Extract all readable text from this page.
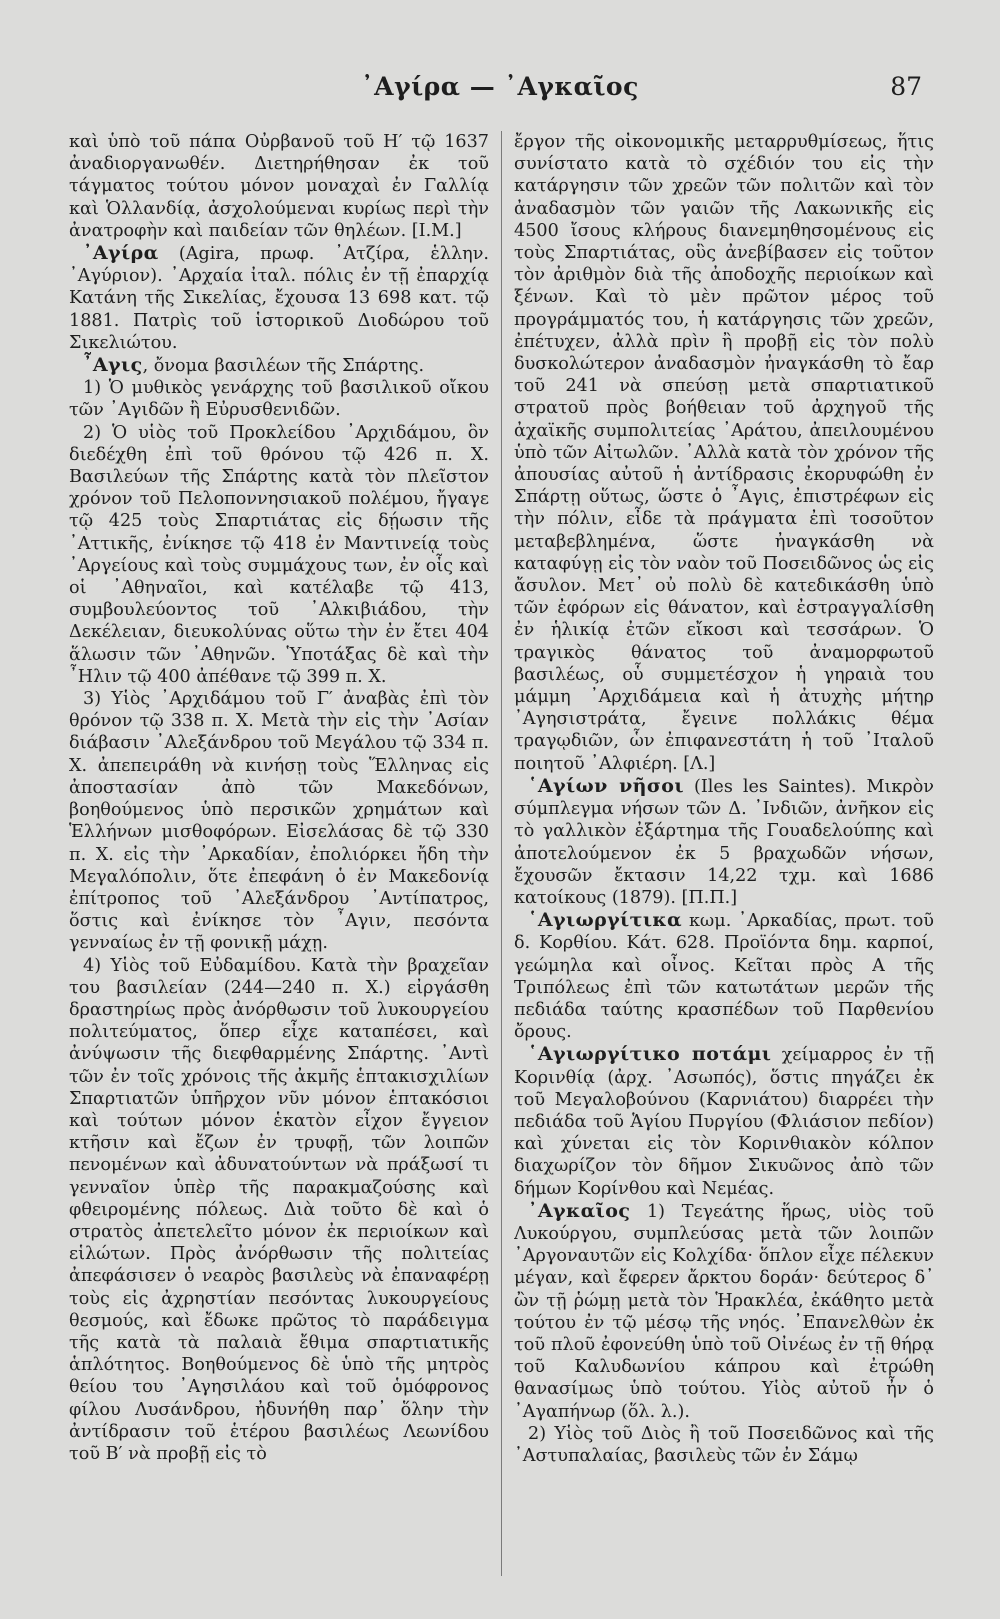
᾿Αγίρα — ᾿Αγκαῖος	87

καὶ ὑπὸ τοῦ πάπα Οὐρβανοῦ τοῦ Η′ τῷ 1637 ἀναδιοργανωθέν. Διετηρήθησαν ἐκ τοῦ τάγματος τούτου μόνον μοναχαὶ ἐν Γαλλίᾳ καὶ Ὁλλανδίᾳ, ἀσχολούμεναι κυρίως περὶ τὴν ἀνατροφὴν καὶ παιδείαν τῶν θηλέων. [Ι.Μ.]

᾿Αγίρα (Agira, πρωφ. ᾿Ατζίρα, ἑλλην. ᾿Αγύριον). ᾿Αρχαία ἰταλ. πόλις ἐν τῇ ἐπαρχίᾳ Κατάνη τῆς Σικελίας, ἔχουσα 13 698 κατ. τῷ 1881. Πατρὶς τοῦ ἱστορικοῦ Διοδώρου τοῦ Σικελιώτου.

῏Αγις, ὄνομα βασιλέων τῆς Σπάρτης.

1) Ὁ μυθικὸς γενάρχης τοῦ βασιλικοῦ οἴκου τῶν ᾿Αγιδῶν ἢ Εὐρυσθενιδῶν.

2) Ὁ υἱὸς τοῦ Προκλείδου ᾿Αρχιδάμου, ὃν διεδέχθη ἐπὶ τοῦ θρόνου τῷ 426 π. Χ. Βασιλεύων τῆς Σπάρτης κατὰ τὸν πλεῖστον χρόνον τοῦ Πελοποννησιακοῦ πολέμου, ἤγαγε τῷ 425 τοὺς Σπαρτιάτας εἰς δῄωσιν τῆς ᾿Αττικῆς, ἐνίκησε τῷ 418 ἐν Μαντινείᾳ τοὺς ᾿Αργείους καὶ τοὺς συμμάχους των, ἐν οἷς καὶ οἱ ᾿Αθηναῖοι, καὶ κατέλαβε τῷ 413, συμβουλεύοντος τοῦ ᾿Αλκιβιάδου, τὴν Δεκέλειαν, διευκολύνας οὕτω τὴν ἐν ἔτει 404 ἅλωσιν τῶν ᾿Αθηνῶν. Ὑποτάξας δὲ καὶ τὴν ῏Ηλιν τῷ 400 ἀπέθανε τῷ 399 π. Χ.

3) Υἱὸς ᾿Αρχιδάμου τοῦ Γ′ ἀναβὰς ἐπὶ τὸν θρόνον τῷ 338 π. Χ. Μετὰ τὴν εἰς τὴν ᾿Ασίαν διάβασιν ᾿Αλεξάνδρου τοῦ Μεγάλου τῷ 334 π. Χ. ἀπεπειράθη νὰ κινήσῃ τοὺς Ἕλληνας εἰς ἀποστασίαν ἀπὸ τῶν Μακεδόνων, βοηθούμενος ὑπὸ περσικῶν χρημάτων καὶ Ἑλλήνων μισθοφόρων. Εἰσελάσας δὲ τῷ 330 π. Χ. εἰς τὴν ᾿Αρκαδίαν, ἐπολιόρκει ἤδη τὴν Μεγαλόπολιν, ὅτε ἐπεφάνη ὁ ἐν Μακεδονίᾳ ἐπίτροπος τοῦ ᾿Αλεξάνδρου ᾿Αντίπατρος, ὅστις καὶ ἐνίκησε τὸν ῏Αγιν, πεσόντα γενναίως ἐν τῇ φονικῇ μάχῃ.

4) Υἱὸς τοῦ Εὐδαμίδου. Κατὰ τὴν βραχεῖαν του βασιλείαν (244—240 π. Χ.) εἰργάσθη δραστηρίως πρὸς ἀνόρθωσιν τοῦ λυκουργείου πολιτεύματος, ὅπερ εἶχε καταπέσει, καὶ ἀνύψωσιν τῆς διεφθαρμένης Σπάρτης. ᾿Αντὶ τῶν ἐν τοῖς χρόνοις τῆς ἀκμῆς ἑπτακισχιλίων Σπαρτιατῶν ὑπῆρχον νῦν μόνον ἑπτακόσιοι καὶ τούτων μόνον ἑκατὸν εἶχον ἔγγειον κτῆσιν καὶ ἔζων ἐν τρυφῇ, τῶν λοιπῶν πενομένων καὶ ἀδυνατούντων νὰ πράξωσί τι γενναῖον ὑπὲρ τῆς παρακμαζούσης καὶ φθειρομένης πόλεως. Διὰ τοῦτο δὲ καὶ ὁ στρατὸς ἀπετελεῖτο μόνον ἐκ περιοίκων καὶ εἱλώτων. Πρὸς ἀνόρθωσιν τῆς πολιτείας ἀπεφάσισεν ὁ νεαρὸς βασιλεὺς νὰ ἐπαναφέρῃ τοὺς εἰς ἀχρηστίαν πεσόντας λυκουργείους θεσμούς, καὶ ἔδωκε πρῶτος τὸ παράδειγμα τῆς κατὰ τὰ παλαιὰ ἔθιμα σπαρτιατικῆς ἁπλότητος. Βοηθούμενος δὲ ὑπὸ τῆς μητρὸς θείου του ᾿Αγησιλάου καὶ τοῦ ὁμόφρονος φίλου Λυσάνδρου, ἠδυνήθη παρ᾿ ὅλην τὴν ἀντίδρασιν τοῦ ἑτέρου βασιλέως Λεωνίδου τοῦ Β′ νὰ προβῇ εἰς τὸ

ἔργον τῆς οἰκονομικῆς μεταρρυθμίσεως, ἥτις συνίστατο κατὰ τὸ σχέδιόν του εἰς τὴν κατάργησιν τῶν χρεῶν τῶν πολιτῶν καὶ τὸν ἀναδασμὸν τῶν γαιῶν τῆς Λακωνικῆς εἰς 4500 ἴσους κλήρους διανεμηθησομένους εἰς τοὺς Σπαρτιάτας, οὓς ἀνεβίβασεν εἰς τοῦτον τὸν ἀριθμὸν διὰ τῆς ἀποδοχῆς περιοίκων καὶ ξένων. Καὶ τὸ μὲν πρῶτον μέρος τοῦ προγράμματός του, ἡ κατάργησις τῶν χρεῶν, ἐπέτυχεν, ἀλλὰ πρὶν ἢ προβῇ εἰς τὸν πολὺ δυσκολώτερον ἀναδασμὸν ἠναγκάσθη τὸ ἔαρ τοῦ 241 νὰ σπεύσῃ μετὰ σπαρτιατικοῦ στρατοῦ πρὸς βοήθειαν τοῦ ἀρχηγοῦ τῆς ἀχαϊκῆς συμπολιτείας ᾿Αράτου, ἀπειλουμένου ὑπὸ τῶν Αἰτωλῶν. ᾿Αλλὰ κατὰ τὸν χρόνον τῆς ἀπουσίας αὐτοῦ ἡ ἀντίδρασις ἐκορυφώθη ἐν Σπάρτῃ οὕτως, ὥστε ὁ ῏Αγις, ἐπιστρέφων εἰς τὴν πόλιν, εἶδε τὰ πράγματα ἐπὶ τοσοῦτον μεταβεβλημένα, ὥστε ἠναγκάσθη νὰ καταφύγῃ εἰς τὸν ναὸν τοῦ Ποσειδῶνος ὡς εἰς ἄσυλον. Μετ᾿ οὐ πολὺ δὲ κατεδικάσθη ὑπὸ τῶν ἐφόρων εἰς θάνατον, καὶ ἐστραγγαλίσθη ἐν ἡλικίᾳ ἐτῶν εἴκοσι καὶ τεσσάρων. Ὁ τραγικὸς θάνατος τοῦ ἀναμορφωτοῦ βασιλέως, οὗ συμμετέσχον ἡ γηραιὰ του μάμμη ᾿Αρχιδάμεια καὶ ἡ ἀτυχὴς μήτηρ ᾿Αγησιστράτα, ἔγεινε πολλάκις θέμα τραγῳδιῶν, ὧν ἐπιφανεστάτη ἡ τοῦ ᾿Ιταλοῦ ποιητοῦ ᾿Αλφιέρη. [Λ.]

῾Αγίων νῆσοι (Iles les Saintes). Μικρὸν σύμπλεγμα νήσων τῶν Δ. ᾿Ινδιῶν, ἀνῆκον εἰς τὸ γαλλικὸν ἐξάρτημα τῆς Γουαδελούπης καὶ ἀποτελούμενον ἐκ 5 βραχωδῶν νήσων, ἔχουσῶν ἔκτασιν 14,22 τχμ. καὶ 1686 κατοίκους (1879). [Π.Π.]

῾Αγιωργίτικα κωμ. ᾿Αρκαδίας, πρωτ. τοῦ δ. Κορθίου. Κάτ. 628. Προϊόντα δημ. καρποί, γεώμηλα καὶ οἶνος. Κεῖται πρὸς Α τῆς Τριπόλεως ἐπὶ τῶν κατωτάτων μερῶν τῆς πεδιάδα ταύτης κρασπέδων τοῦ Παρθενίου ὄρους.

῾Αγιωργίτικο ποτάμι χείμαρρος ἐν τῇ Κορινθίᾳ (ἀρχ. ᾿Ασωπός), ὅστις πηγάζει ἐκ τοῦ Μεγαλοβούνου (Καρνιάτου) διαρρέει τὴν πεδιάδα τοῦ Ἁγίου Πυργίου (Φλιάσιον πεδίον) καὶ χύνεται εἰς τὸν Κορινθιακὸν κόλπον διαχωρίζον τὸν δῆμον Σικυῶνος ἀπὸ τῶν δήμων Κορίνθου καὶ Νεμέας.

᾿Αγκαῖος 1) Τεγεάτης ἥρως, υἱὸς τοῦ Λυκούργου, συμπλεύσας μετὰ τῶν λοιπῶν ᾿Αργοναυτῶν εἰς Κολχίδα· ὅπλον εἶχε πέλεκυν μέγαν, καὶ ἔφερεν ἄρκτου δοράν· δεύτερος δ᾿ ὢν τῇ ῥώμῃ μετὰ τὸν Ἡρακλέα, ἐκάθητο μετὰ τούτου ἐν τῷ μέσῳ τῆς νηός. ᾿Επανελθὼν ἐκ τοῦ πλοῦ ἐφονεύθη ὑπὸ τοῦ Οἰνέως ἐν τῇ θήρᾳ τοῦ Καλυδωνίου κάπρου καὶ ἐτρώθη θανασίμως ὑπὸ τούτου. Υἱὸς αὐτοῦ ἦν ὁ ᾿Αγαπήνωρ (ὅλ. λ.).

2) Υἱὸς τοῦ Διὸς ἢ τοῦ Ποσειδῶνος καὶ τῆς ᾿Αστυπαλαίας, βασιλεὺς τῶν ἐν Σάμῳ
